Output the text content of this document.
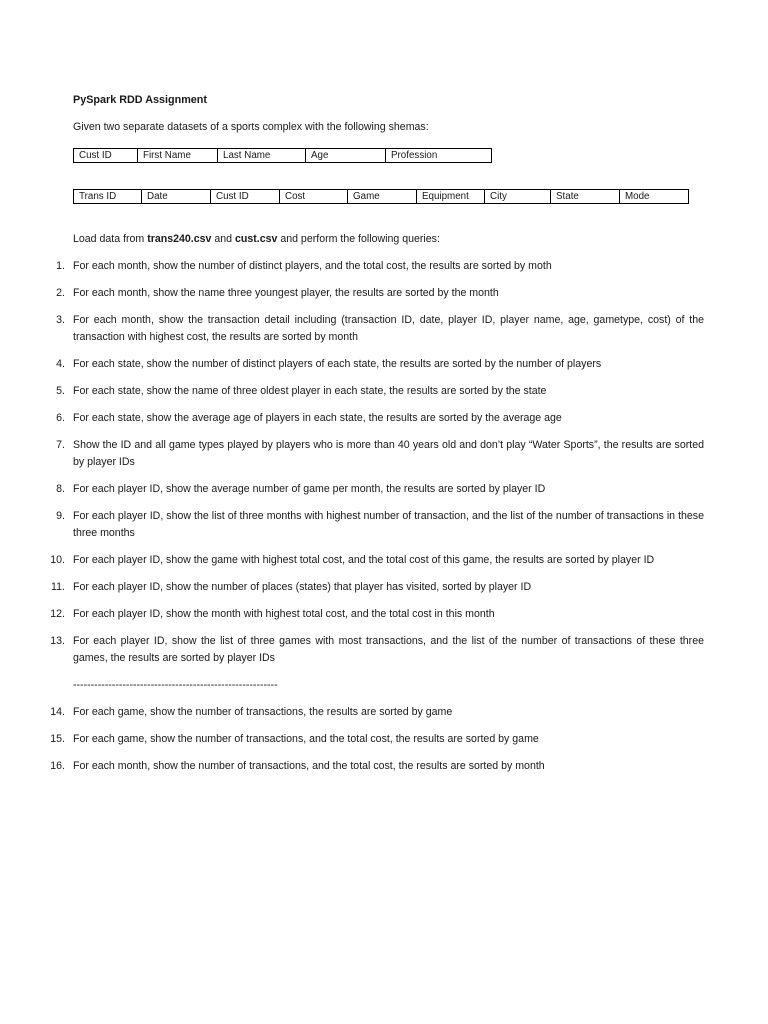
PySpark RDD Assignment
Given two separate datasets of a sports complex with the following shemas:
Cust ID	First Name	Last Name	Age	Profession
Trans ID	Date	Cust ID	Cost	Game	Equipment	City	State	Mode
Load data from trans240.csv and cust.csv and perform the following queries:
1. For each month, show the number of distinct players, and the total cost, the results are sorted by moth
2. For each month, show the name three youngest player, the results are sorted by the month
3. For each month, show the transaction detail including (transaction ID, date, player ID, player name, age, gametype, cost) of the transaction with highest cost, the results are sorted by month
4. For each state, show the number of distinct players of each state, the results are sorted by the number of players
5. For each state, show the name of three oldest player in each state, the results are sorted by the state
6. For each state, show the average age of players in each state, the results are sorted by the average age
7. Show the ID and all game types played by players who is more than 40 years old and don’t play “Water Sports”, the results are sorted by player IDs
8. For each player ID, show the average number of game per month, the results are sorted by player ID
9. For each player ID, show the list of three months with highest number of transaction, and the list of the number of transactions in these three months
10. For each player ID, show the game with highest total cost, and the total cost of this game, the results are sorted by player ID
11. For each player ID, show the number of places (states) that player has visited, sorted by player ID
12. For each player ID, show the month with highest total cost, and the total cost in this month
13. For each player ID, show the list of three games with most transactions, and the list of the number of transactions of these three games, the results are sorted by player IDs
----------------------------------------------------------
14. For each game, show the number of transactions, the results are sorted by game
15. For each game, show the number of transactions, and the total cost, the results are sorted by game
16. For each month, show the number of transactions, and the total cost, the results are sorted by month
